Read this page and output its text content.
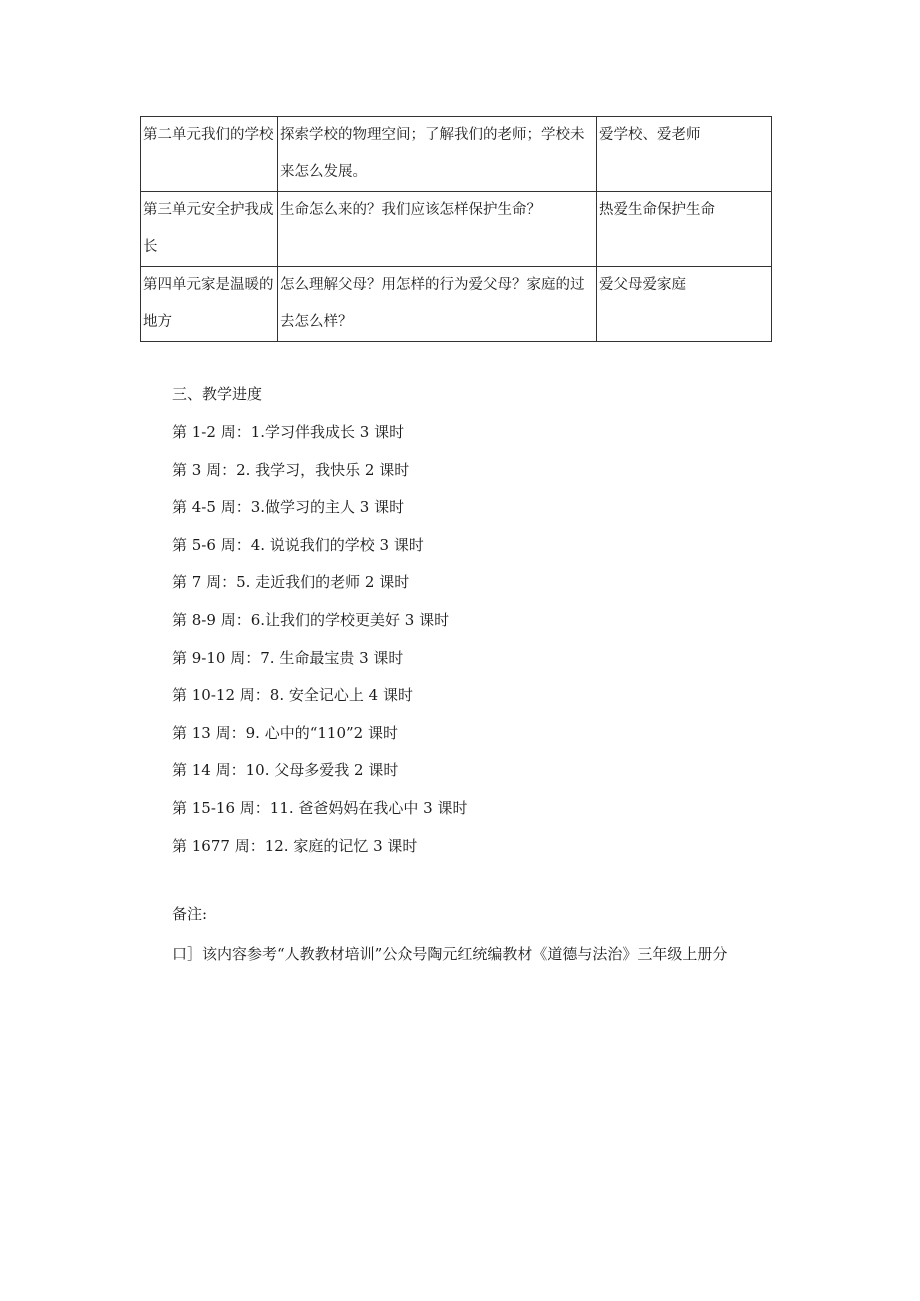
第二单元我们的学校	探索学校的物理空间；了解我们的老师；学校未来怎么发展。	爱学校、爱老师

第三单元安全护我成长	生命怎么来的？我们应该怎样保护生命？	热爱生命保护生命

第四单元家是温暖的地方	怎么理解父母？用怎样的行为爱父母？家庭的过去怎么样？	爱父母爱家庭
三、教学进度
第 1-2 周：1.学习伴我成长 3 课时
第 3 周：2. 我学习，我快乐 2 课时
第 4-5 周：3.做学习的主人 3 课时
第 5-6 周：4. 说说我们的学校 3 课时
第 7 周：5. 走近我们的老师 2 课时
第 8-9 周：6.让我们的学校更美好 3 课时
第 9-10 周：7. 生命最宝贵 3 课时
第 10-12 周：8. 安全记心上 4 课时
第 13 周：9. 心中的“110”2 课时
第 14 周：10. 父母多爱我 2 课时
第 15-16 周：11. 爸爸妈妈在我心中 3 课时
第 1677 周：12. 家庭的记忆 3 课时
备注:
口］该内容参考“人教教材培训”公众号陶元红统编教材《道德与法治》三年级上册分
